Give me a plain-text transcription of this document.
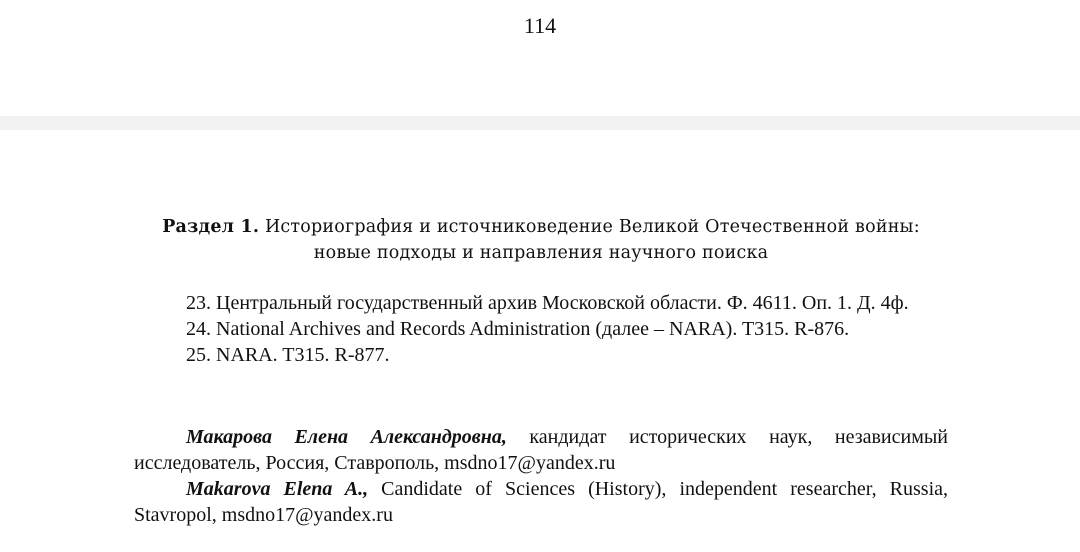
114
Раздел 1. Историография и источниковедение Великой Отечественной войны:
новые подходы и направления научного поиска

23. Центральный государственный архив Московской области. Ф. 4611. Оп. 1. Д. 4ф.

24. National Archives and Records Administration (далее – NARA). T315. R-876.

25. NARA. T315. R-877.

Макарова Елена Александровна, кандидат исторических наук, независимый исследователь, Россия, Ставрополь, msdno17@yandex.ru

Makarova Elena A., Candidate of Sciences (History), independent researcher, Russia, Stavropol, msdno17@yandex.ru
